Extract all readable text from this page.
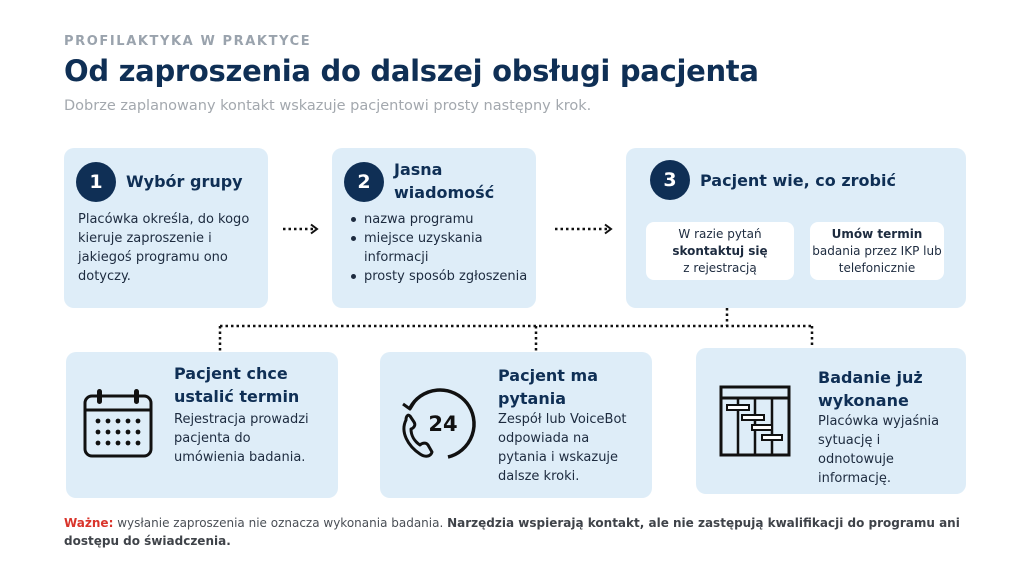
PROFILAKTYKA W PRAKTYCE
Od zaproszenia do dalszej obsługi pacjenta
Dobrze zaplanowany kontakt wskazuje pacjentowi prosty następny krok.
1	Wybór grupy
Placówka określa, do kogo kieruje zaproszenie i jakiegoś programu ono dotyczy.
2
Jasna
wiadomość
nazwa programu
miejsce uzyskania informacji
prosty sposób zgłoszenia
3	Pacjent wie, co zrobić
W razie pytań
skontaktuj się
z rejestracją
Umów termin
badania przez IKP lub telefonicznie
Pacjent chce ustalić termin
Rejestracja prowadzi pacjenta do umówienia badania.
24
Pacjent ma pytania
Zespół lub VoiceBot odpowiada na pytania i wskazuje dalsze kroki.
Badanie już wykonane
Placówka wyjaśnia sytuację i odnotowuje informację.
Ważne: wysłanie zaproszenia nie oznacza wykonania badania. Narzędzia wspierają kontakt, ale nie zastępują kwalifikacji do programu ani dostępu do świadczenia.
